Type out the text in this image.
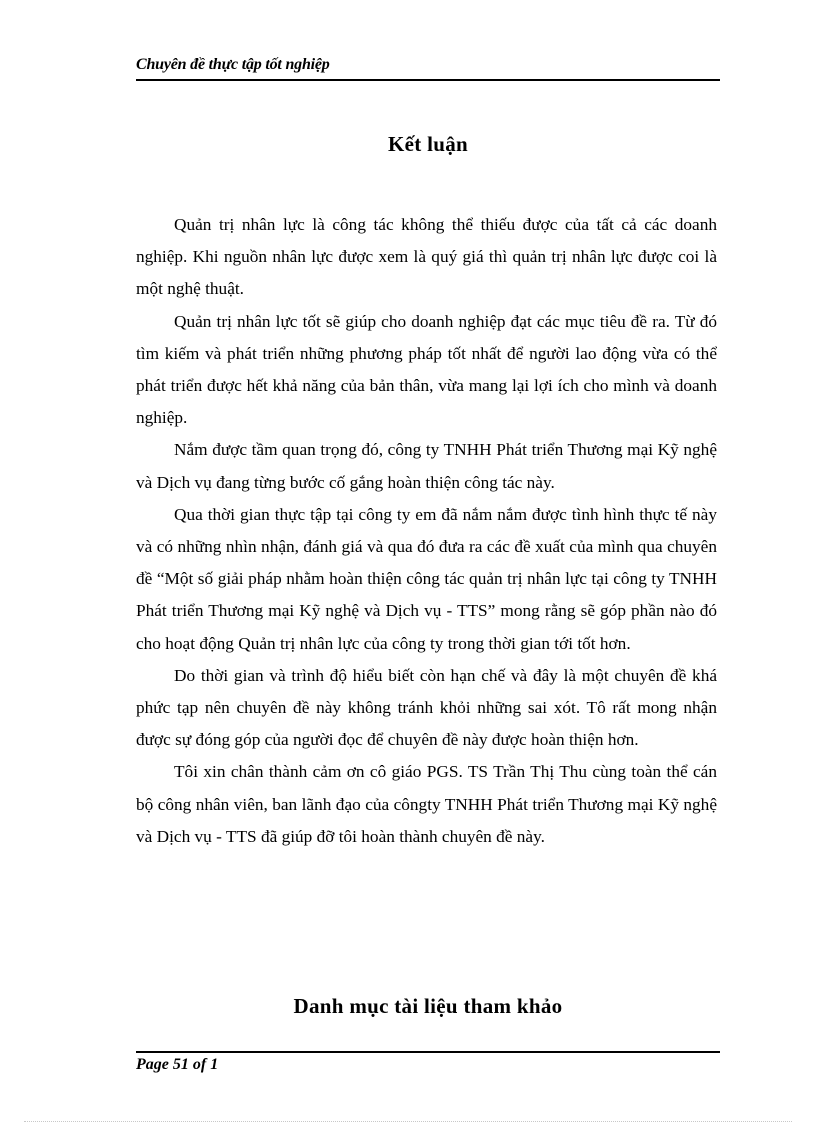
Chuyên đề thực tập tốt nghiệp
Kết luận

Quản trị nhân lực là công tác không thể thiếu được của tất cả các doanh nghiệp. Khi nguồn nhân lực được xem là quý giá thì quản trị nhân lực được coi là một nghệ thuật.

Quản trị nhân lực tốt sẽ giúp cho doanh nghiệp đạt các mục tiêu đề ra. Từ đó tìm kiếm và phát triển những phương pháp tốt nhất để người lao động vừa có thể phát triển được hết khả năng của bản thân, vừa mang lại lợi ích cho mình và doanh nghiệp.

Nắm được tầm quan trọng đó, công ty TNHH Phát triển Thương mại Kỹ nghệ và Dịch vụ đang từng bước cố gắng hoàn thiện công tác này.

Qua thời gian thực tập tại công ty em đã nắm nắm được tình hình thực tế này và có những nhìn nhận, đánh giá và qua đó đưa ra các đề xuất của mình qua chuyên đề “Một số giải pháp nhằm hoàn thiện công tác quản trị nhân lực tại công ty TNHH Phát triển Thương mại Kỹ nghệ và Dịch vụ - TTS” mong rằng sẽ góp phần nào đó cho hoạt động Quản trị nhân lực của công ty trong thời gian tới tốt hơn.

Do thời gian và trình độ hiểu biết còn hạn chế và đây là một chuyên đề khá phức tạp nên chuyên đề này không tránh khỏi những sai xót. Tô rất mong nhận được sự đóng góp của người đọc để chuyên đề này được hoàn thiện hơn.

Tôi xin chân thành cảm ơn cô giáo PGS. TS Trần Thị Thu cùng toàn thể cán bộ công nhân viên, ban lãnh đạo của côngty TNHH Phát triển Thương mại Kỹ nghệ và Dịch vụ - TTS đã giúp đỡ tôi hoàn thành chuyên đề này.

Danh mục tài liệu tham khảo
Page 51 of 1
